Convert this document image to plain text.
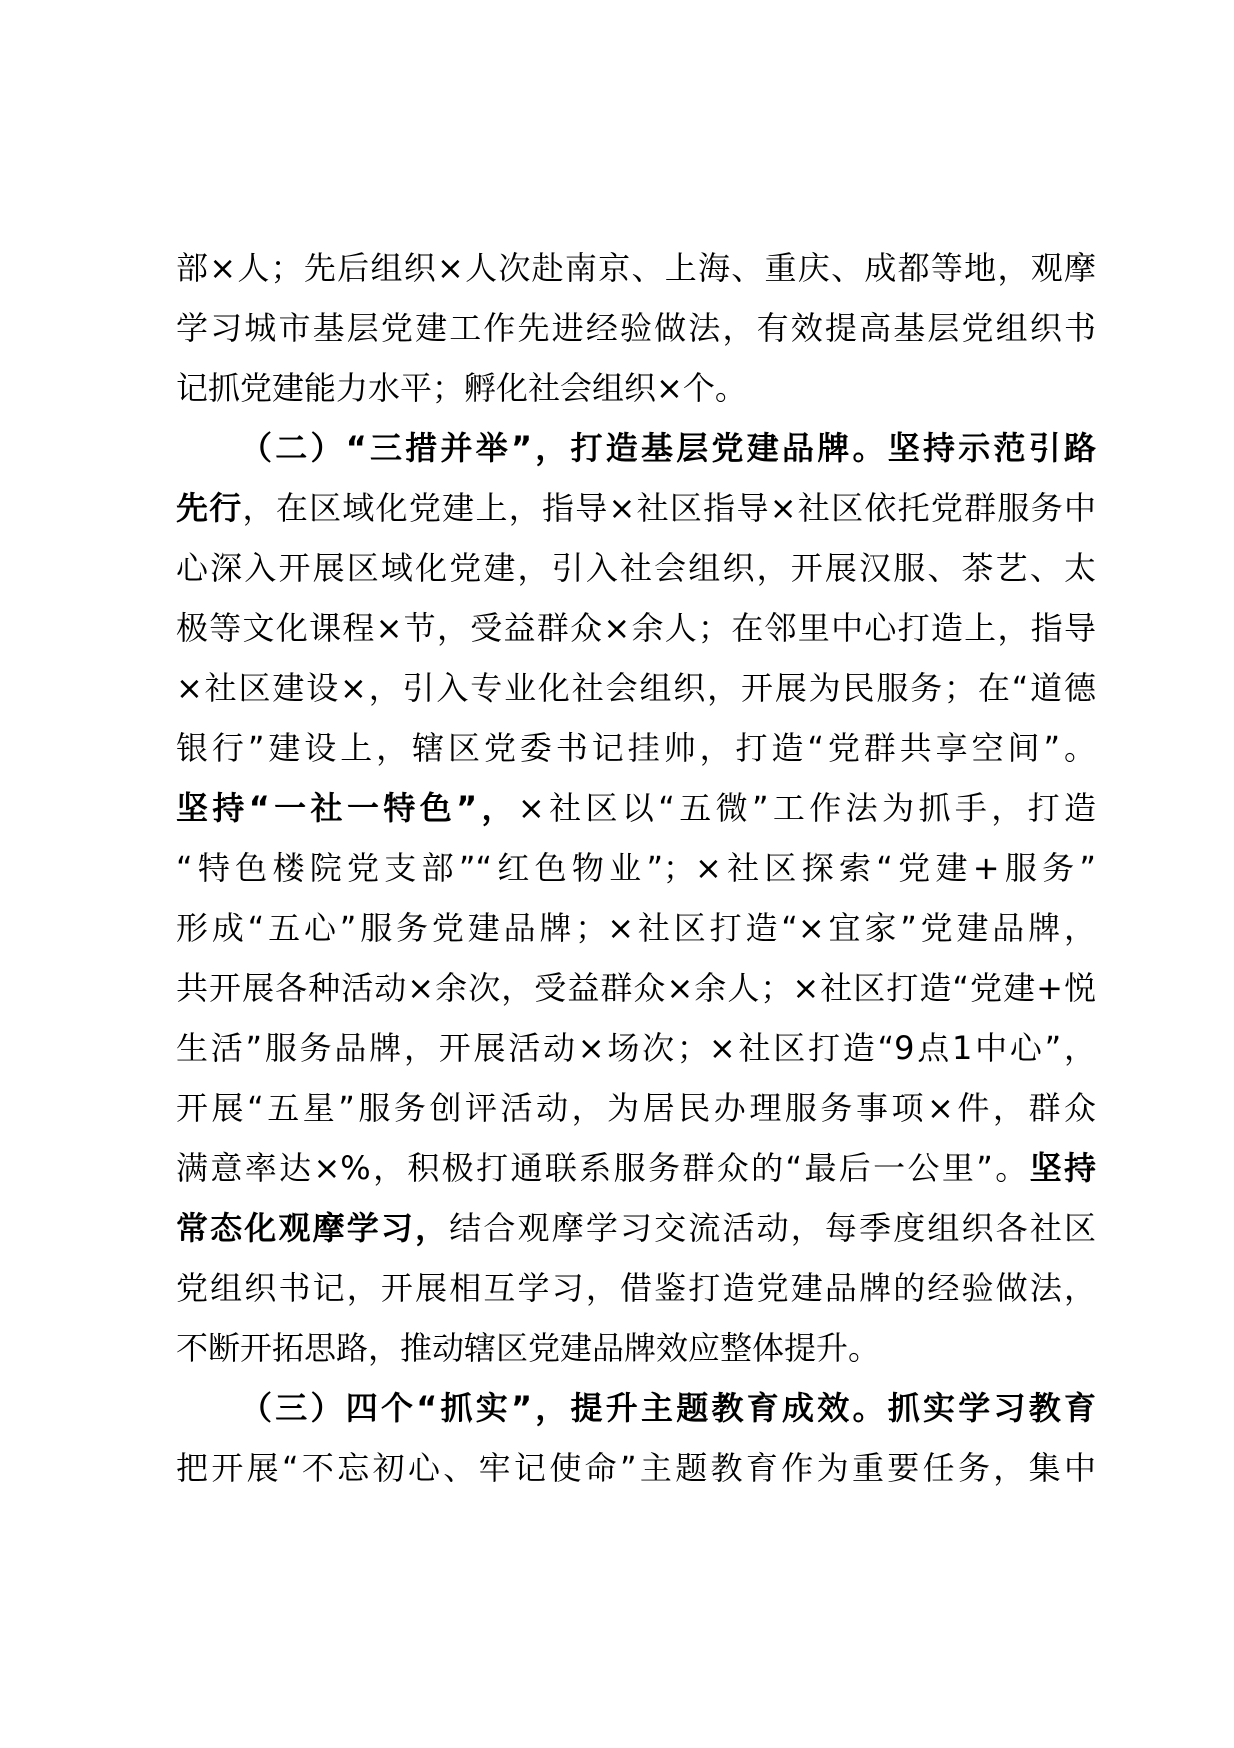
部×人；先后组织×人次赴南京、上海、重庆、成都等地，观摩
学习城市基层党建工作先进经验做法，有效提高基层党组织书
记抓党建能力水平；孵化社会组织×个。
（二）“三措并举”，打造基层党建品牌。坚持示范引路
先行，在区域化党建上，指导×社区指导×社区依托党群服务中
心深入开展区域化党建，引入社会组织，开展汉服、茶艺、太
极等文化课程×节，受益群众×余人；在邻里中心打造上，指导
×社区建设×，引入专业化社会组织，开展为民服务；在“道德
银行”建设上，辖区党委书记挂帅，打造“党群共享空间”。
坚持“一社一特色”，×社区以“五微”工作法为抓手，打造
“特色楼院党支部”“红色物业”；×社区探索“党建+服务”
形成“五心”服务党建品牌；×社区打造“×宜家”党建品牌，
共开展各种活动×余次，受益群众×余人；×社区打造“党建+悦
生活”服务品牌，开展活动×场次；×社区打造“9点1中心”，
开展“五星”服务创评活动，为居民办理服务事项×件，群众
满意率达×%，积极打通联系服务群众的“最后一公里”。坚持
常态化观摩学习，结合观摩学习交流活动，每季度组织各社区
党组织书记，开展相互学习，借鉴打造党建品牌的经验做法，
不断开拓思路，推动辖区党建品牌效应整体提升。
（三）四个“抓实”，提升主题教育成效。抓实学习教育
把开展“不忘初心、牢记使命”主题教育作为重要任务，集中
